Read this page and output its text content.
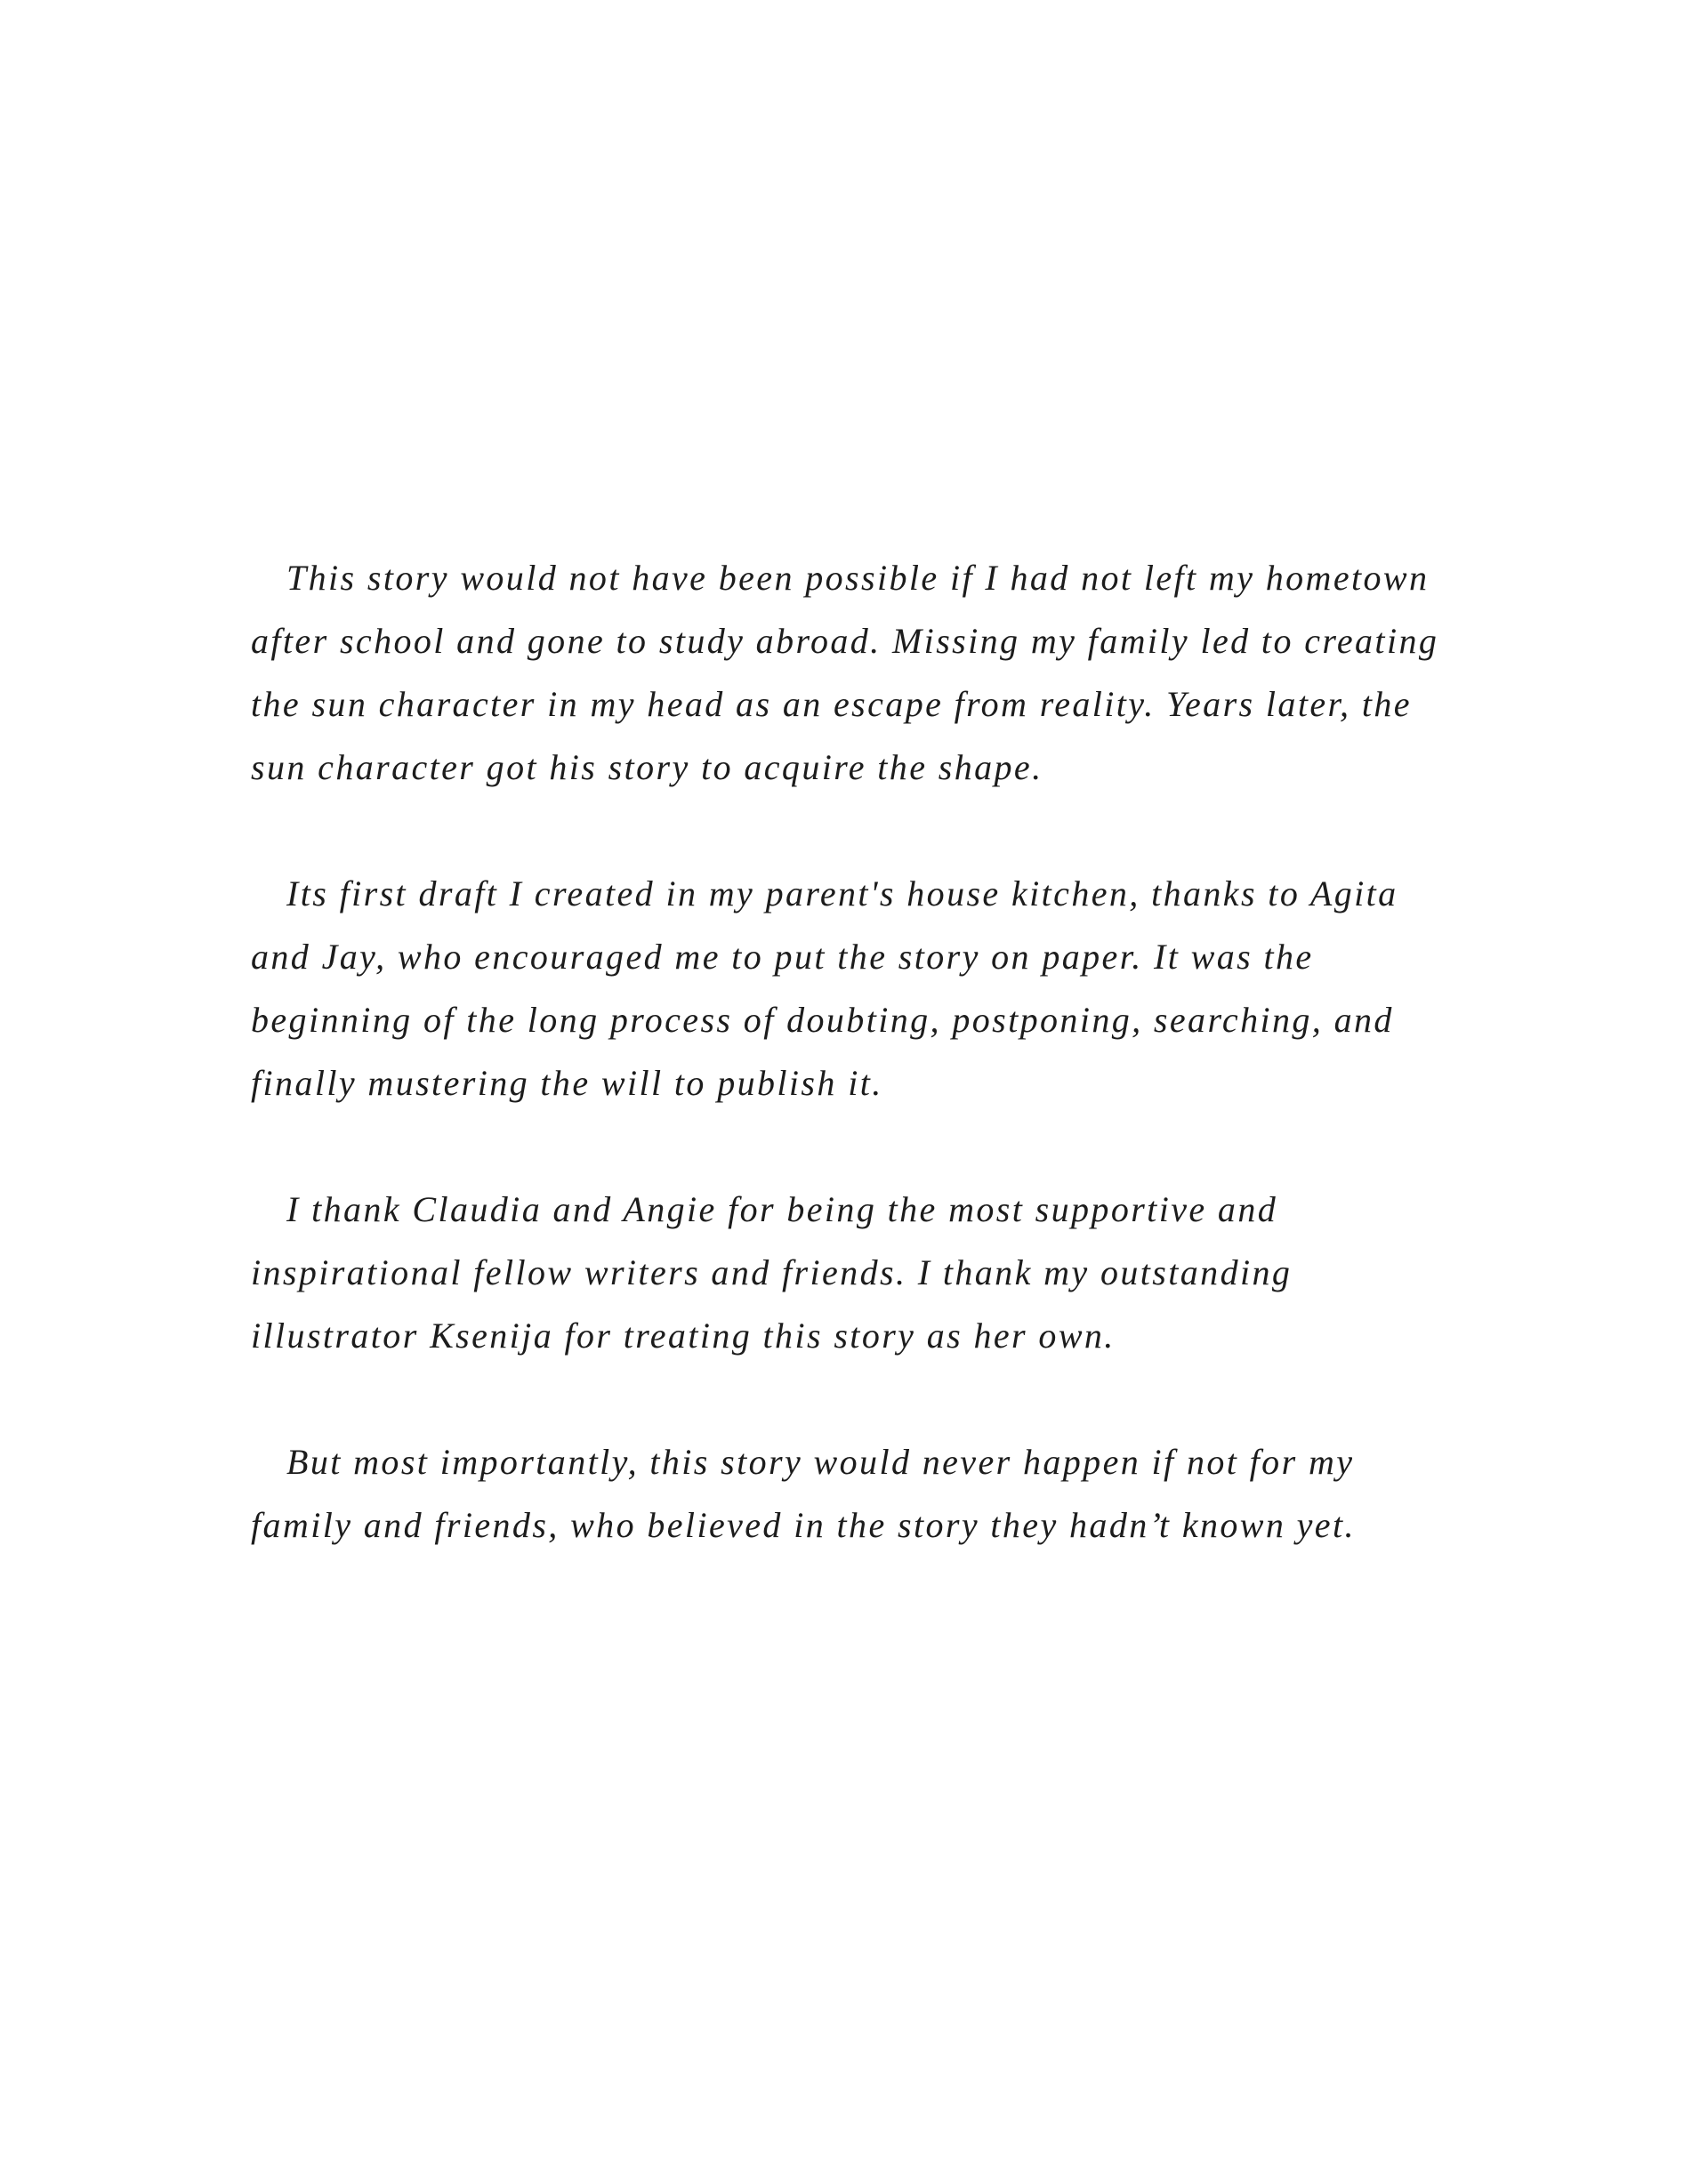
This story would not have been possible if I had not left my hometown
after school and gone to study abroad. Missing my family led to creating
the sun character in my head as an escape from reality. Years later, the
sun character got his story to acquire the shape.

Its first draft I created in my parent's house kitchen, thanks to Agita
and Jay, who encouraged me to put the story on paper. It was the
beginning of the long process of doubting, postponing, searching, and
finally mustering the will to publish it.

I thank Claudia and Angie for being the most supportive and
inspirational fellow writers and friends. I thank my outstanding
illustrator Ksenija for treating this story as her own.

But most importantly, this story would never happen if not for my
family and friends, who believed in the story they hadn’t known yet.
